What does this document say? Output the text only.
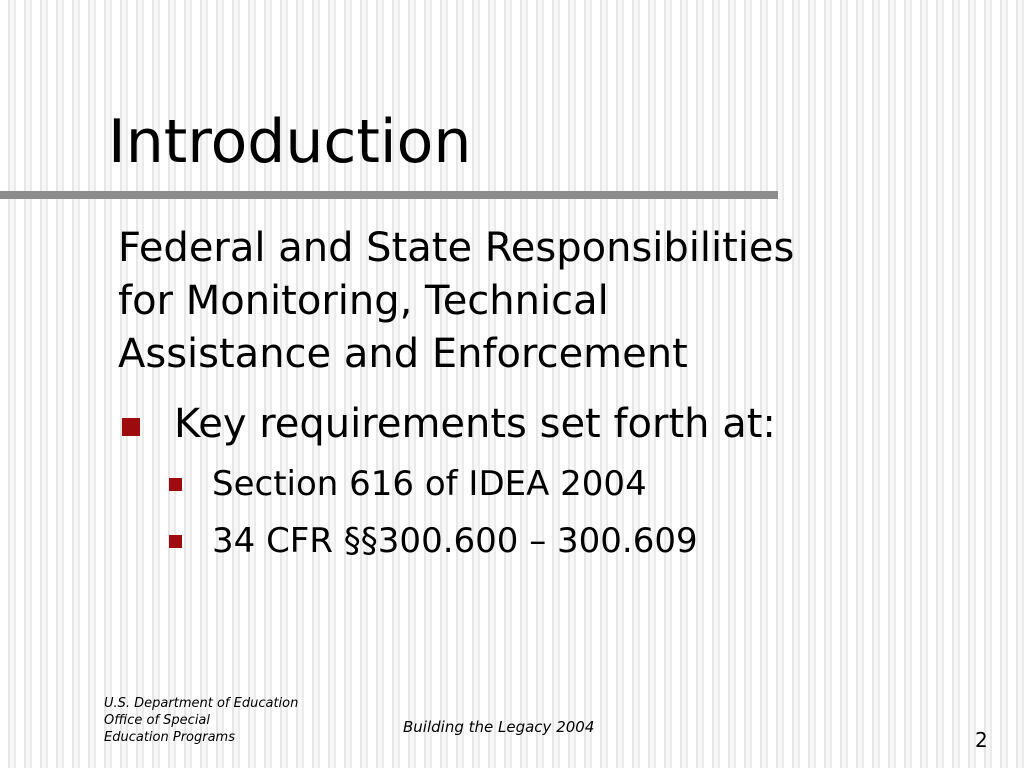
Introduction
Federal and State Responsibilities
for Monitoring, Technical
Assistance and Enforcement
Key requirements set forth at:
Section 616 of IDEA 2004
34 CFR §§300.600 – 300.609
U.S. Department of Education
Office of Special
Education Programs
Building the Legacy 2004
2
